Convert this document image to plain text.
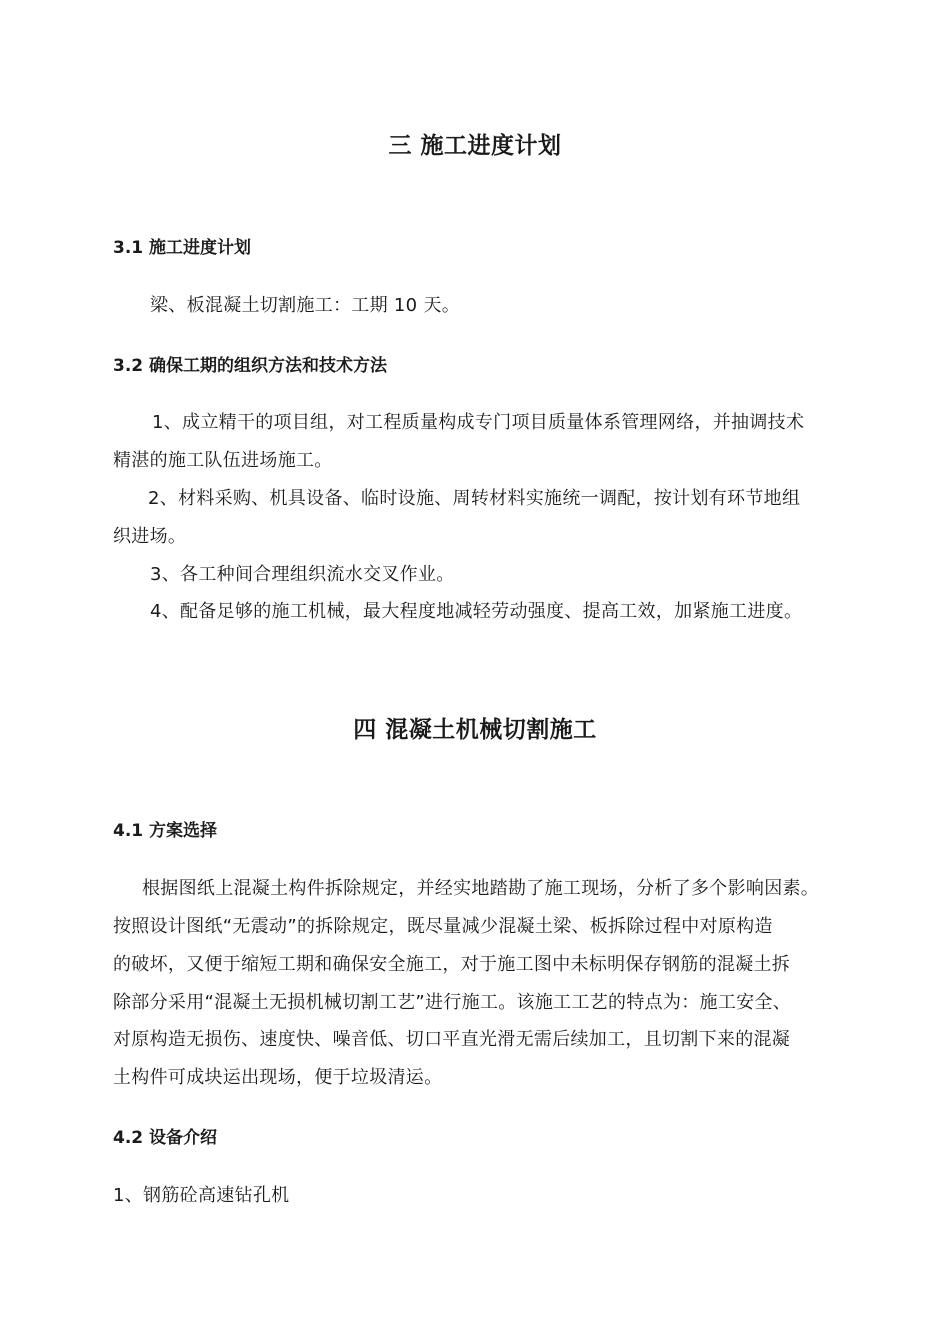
三 施工进度计划
3.1 施工进度计划
梁、板混凝土切割施工：工期 10 天。
3.2 确保工期的组织方法和技术方法
1、成立精干的项目组，对工程质量构成专门项目质量体系管理网络，并抽调技术
精湛的施工队伍进场施工。
2、材料采购、机具设备、临时设施、周转材料实施统一调配，按计划有环节地组
织进场。
3、各工种间合理组织流水交叉作业。
4、配备足够的施工机械，最大程度地减轻劳动强度、提高工效，加紧施工进度。
四 混凝土机械切割施工
4.1 方案选择
根据图纸上混凝土构件拆除规定，并经实地踏勘了施工现场，分析了多个影响因素。
按照设计图纸“无震动”的拆除规定，既尽量减少混凝土梁、板拆除过程中对原构造
的破坏，又便于缩短工期和确保安全施工，对于施工图中未标明保存钢筋的混凝土拆
除部分采用“混凝土无损机械切割工艺”进行施工。该施工工艺的特点为：施工安全、
对原构造无损伤、速度快、噪音低、切口平直光滑无需后续加工，且切割下来的混凝
土构件可成块运出现场，便于垃圾清运。
4.2 设备介绍
1、钢筋砼高速钻孔机
